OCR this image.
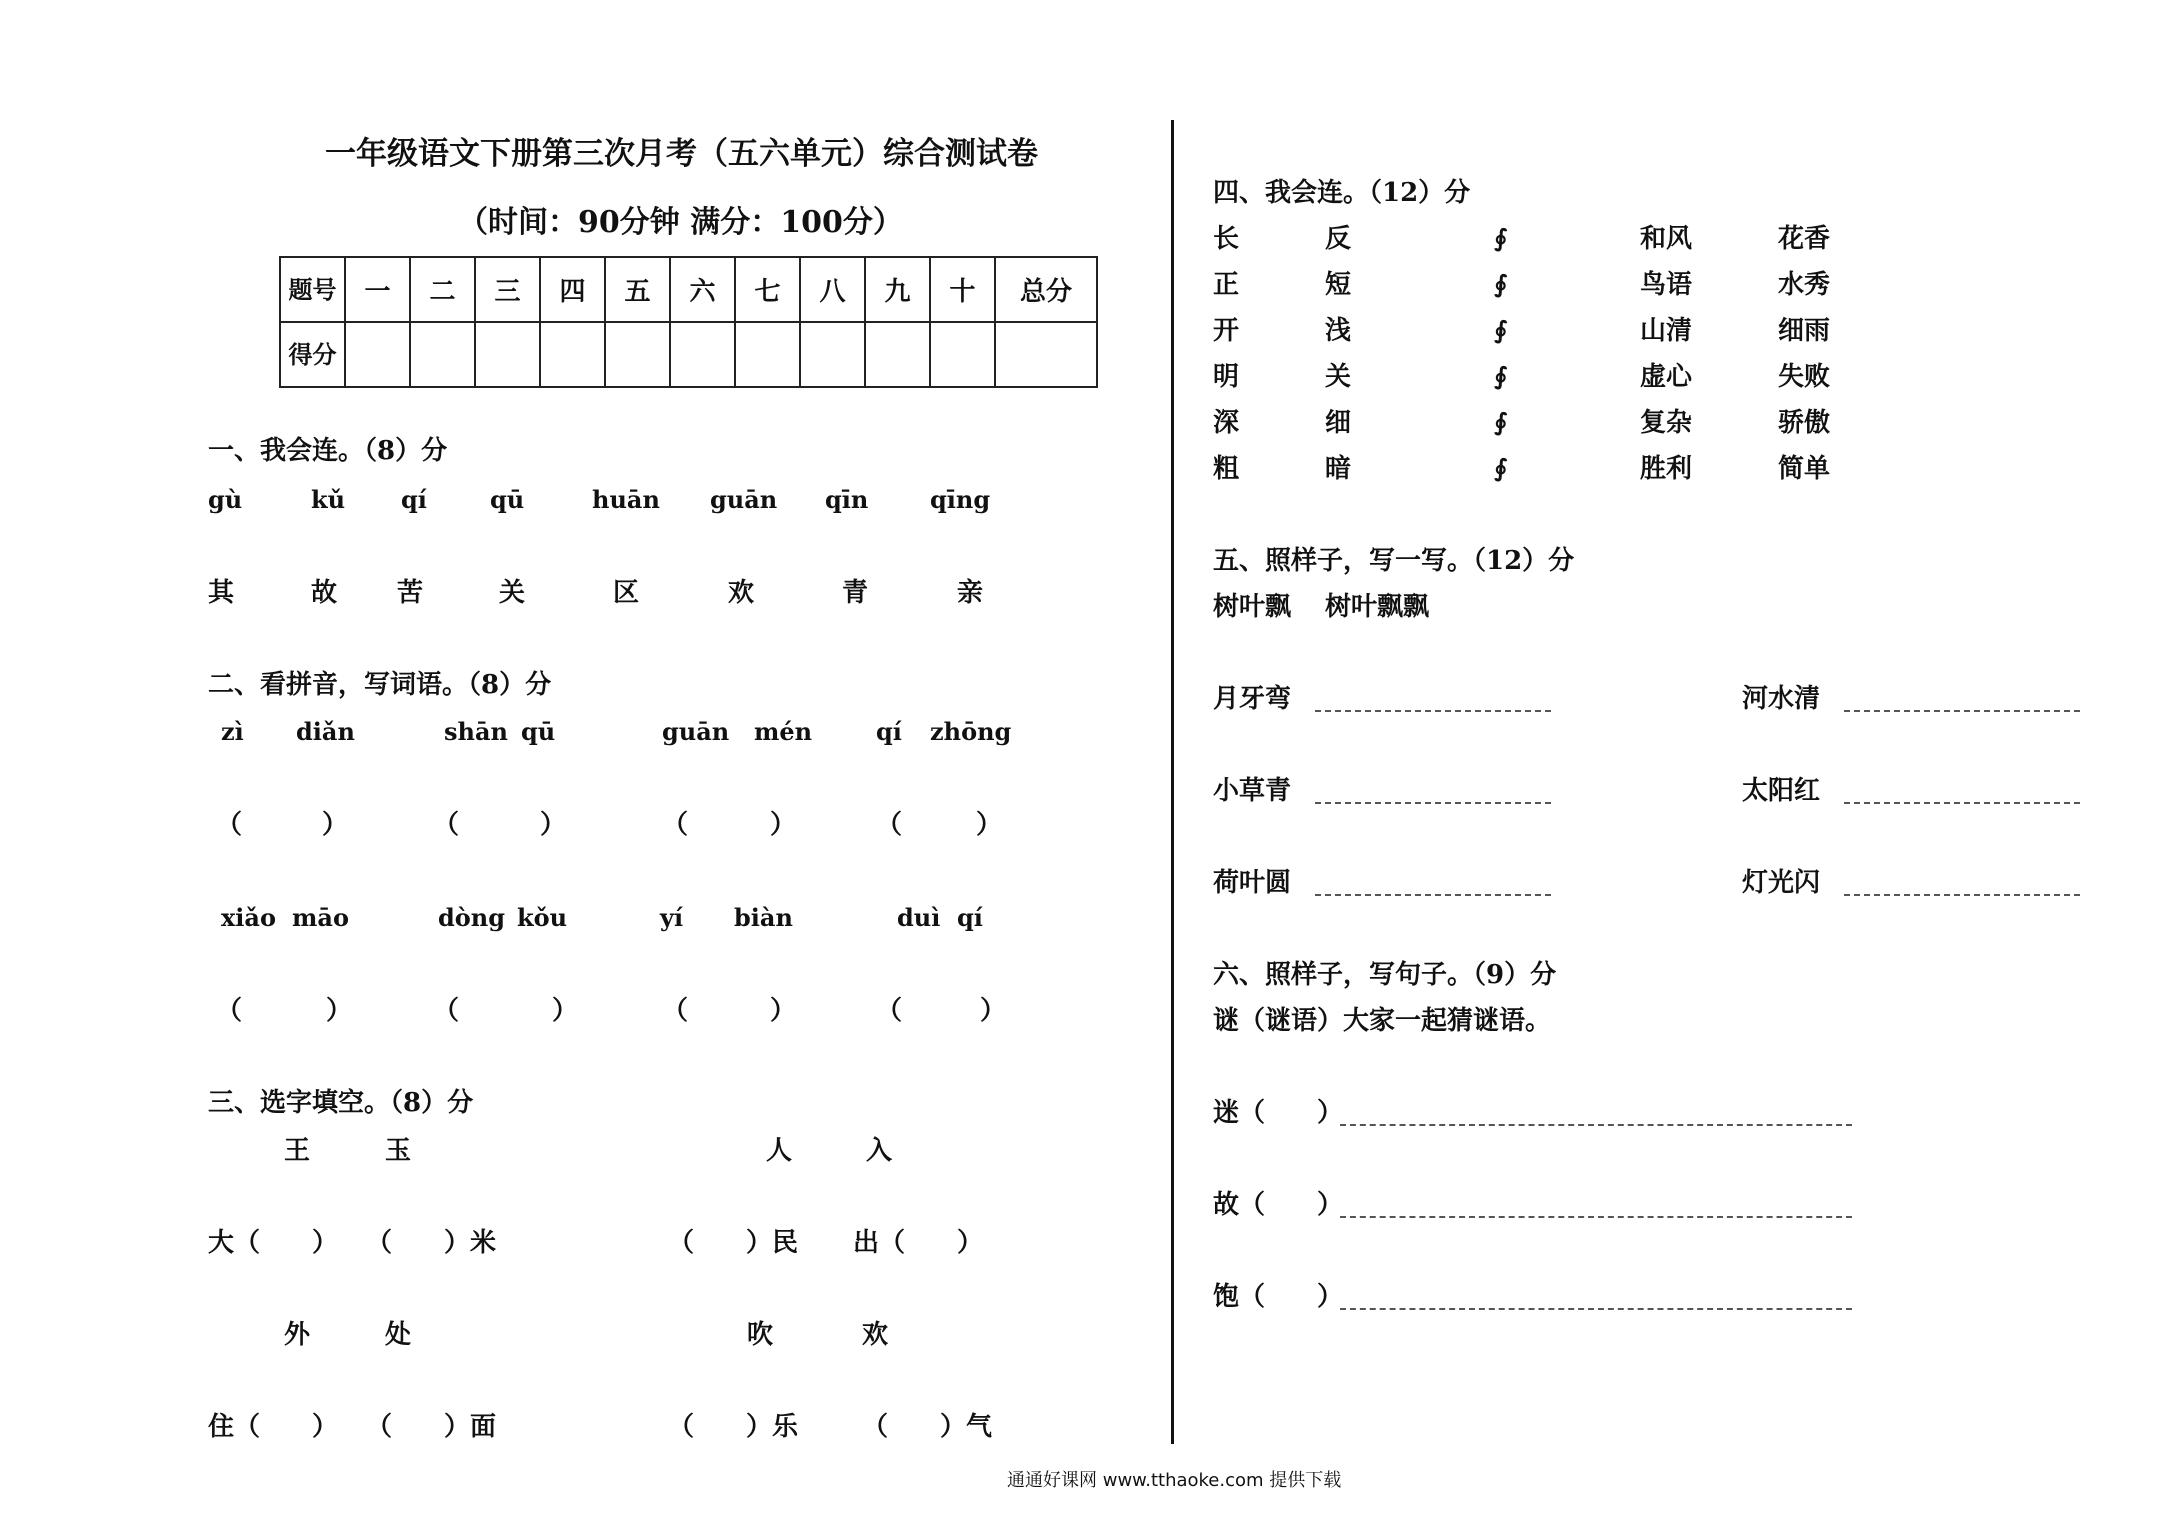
一年级语文下册第三次月考（五六单元）综合测试卷
（时间：90分钟 满分：100分）
题号	一	二	三	四	五	六	七	八	九	十	总分
得分											
一、我会连。（8）分
gù	kǔ qí	qū	huān guān qīn	qīng
其	故 苦	关	区	欢	青	亲
二、看拼音，写词语。（8）分
zì diǎn	shān qū	guān mén	qí zhōng
（	）	（	）	（	）	（	）
xiǎo māo	dòng kǒu	yí biàn	duì qí
（	）	（	）	（	）	（	）
三、选字填空。（8）分
王	玉	人	入
大（　　） （　　）米	（　　）民 出（　　）
外	处	吹	欢
住（　　） （　　）面	（　　）乐 （　　）气
四、我会连。（12）分
长	反	∮	和风	花香
正	短	∮	鸟语	水秀
开	浅	∮	山清	细雨
明	关	∮	虚心	失败
深	细	∮	复杂	骄傲
粗	暗	∮	胜利	简单
五、照样子，写一写。（12）分
树叶飘 树叶飘飘
月牙弯	河水清
小草青	太阳红
荷叶圆	灯光闪
六、照样子，写句子。（9）分
谜（谜语）大家一起猜谜语。
迷（　　）
故（　　）
饱（　　）
通通好课网 www.tthaoke.com 提供下载
